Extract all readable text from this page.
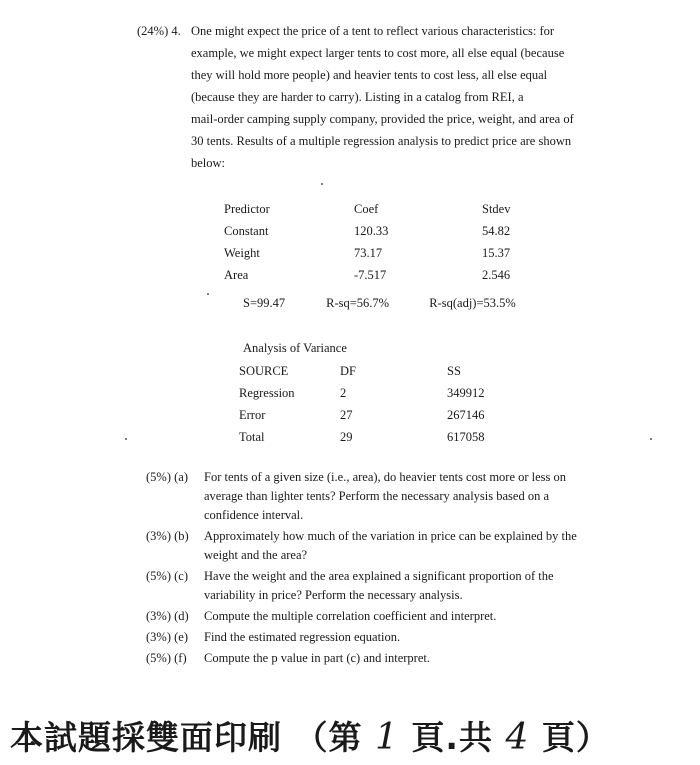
(24%) 4. One might expect the price of a tent to reflect various characteristics: for
example, we might expect larger tents to cost more, all else equal (because
they will hold more people) and heavier tents to cost less, all else equal
(because they are harder to carry). Listing in a catalog from REI, a
mail-order camping supply company, provided the price, weight, and area of
30 tents. Results of a multiple regression analysis to predict price are shown
below:
Predictor	Coef	Stdev
Constant	120.33	54.82
Weight	73.17	15.37
Area	-7.517	2.546
S=99.47	R-sq=56.7%	R-sq(adj)=53.5%
Analysis of Variance
SOURCE	DF	SS
Regression	2	349912
Error	27	267146
Total	29	617058
(5%) (a) For tents of a given size (i.e., area), do heavier tents cost more or less on
average than lighter tents? Perform the necessary analysis based on a
confidence interval.
(3%) (b) Approximately how much of the variation in price can be explained by the
weight and the area?
(5%) (c) Have the weight and the area explained a significant proportion of the
variability in price? Perform the necessary analysis.
(3%) (d) Compute the multiple correlation coefficient and interpret.
(3%) (e) Find the estimated regression equation.
(5%) (f) Compute the p value in part (c) and interpret.
本試題採雙面印刷 （第 1 頁.共 4 頁）
